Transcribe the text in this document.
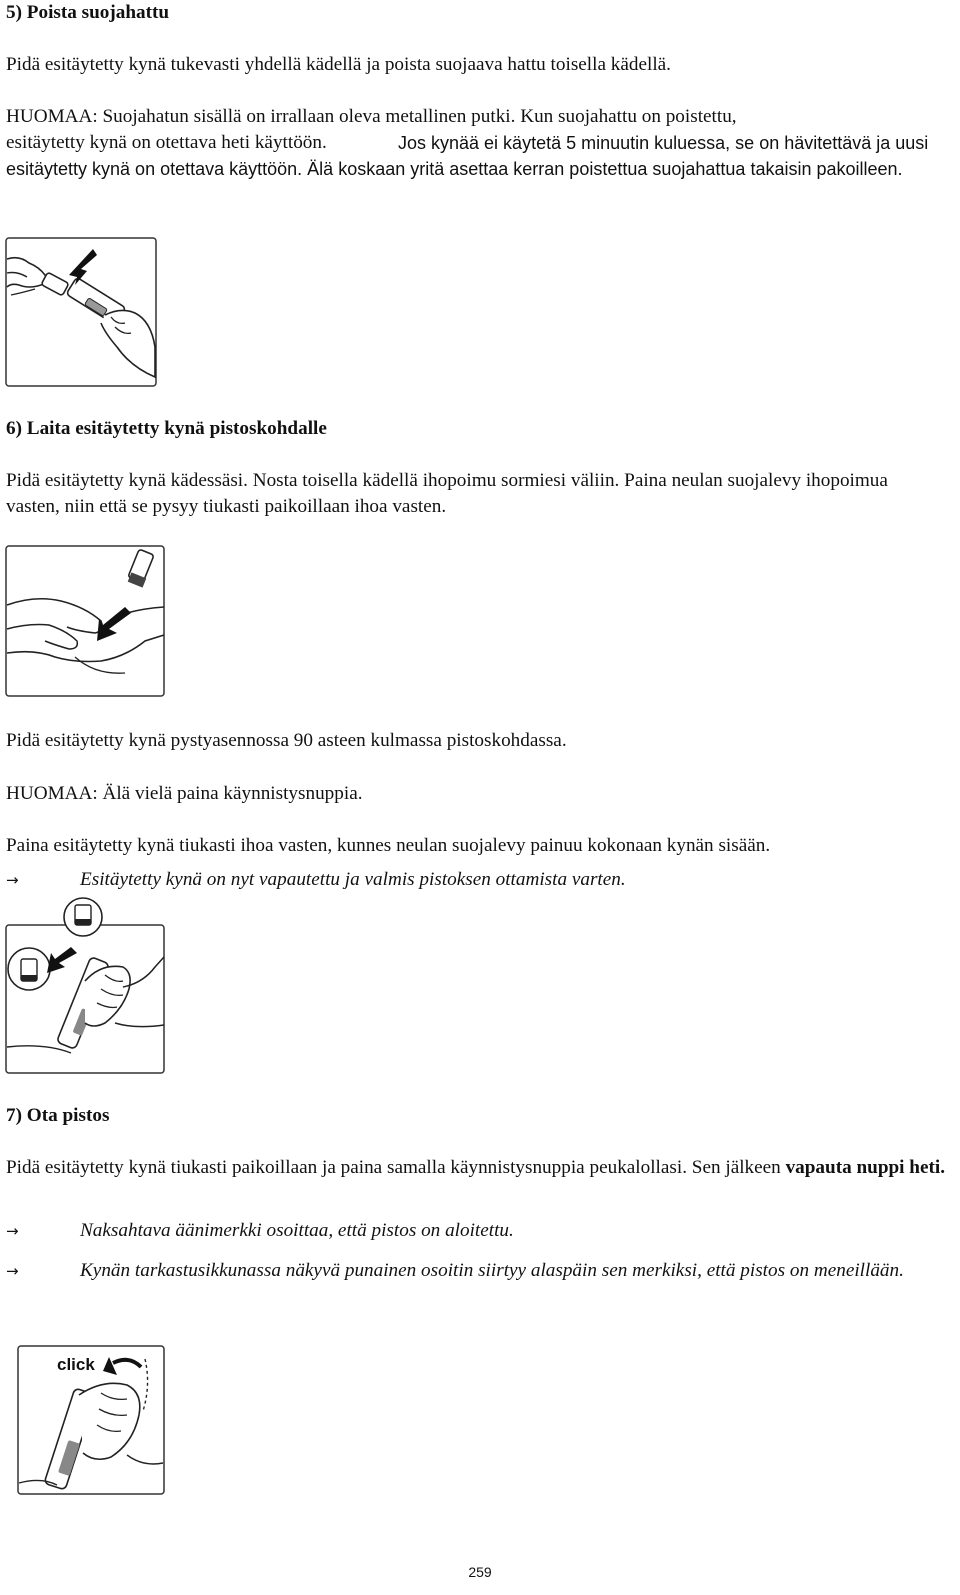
5) Poista suojahattu

Pidä esitäytetty kynä tukevasti yhdellä kädellä ja poista suojaava hattu toisella kädellä.

HUOMAA: Suojahatun sisällä on irrallaan oleva metallinen putki. Kun suojahattu on poistettu,

esitäytetty kynä on otettava heti käyttöön.	Jos kynää ei käytetä 5 minuutin kuluessa, se on hävitettävä ja uusi esitäytetty kynä on otettava käyttöön. Älä koskaan yritä asettaa kerran poistettua suojahattua takaisin pakoilleen.

6) Laita esitäytetty kynä pistoskohdalle

Pidä esitäytetty kynä kädessäsi. Nosta toisella kädellä ihopoimu sormiesi väliin. Paina neulan suojalevy ihopoimua vasten, niin että se pysyy tiukasti paikoillaan ihoa vasten.

Pidä esitäytetty kynä pystyasennossa 90 asteen kulmassa pistoskohdassa.

HUOMAA: Älä vielä paina käynnistysnuppia.

Paina esitäytetty kynä tiukasti ihoa vasten, kunnes neulan suojalevy painuu kokonaan kynän sisään.

→	Esitäytetty kynä on nyt vapautettu ja valmis pistoksen ottamista varten.

7) Ota pistos

Pidä esitäytetty kynä tiukasti paikoillaan ja paina samalla käynnistysnuppia peukalollasi. Sen jälkeen vapauta nuppi heti.

→	Naksahtava äänimerkki osoittaa, että pistos on aloitettu.
→	Kynän tarkastusikkunassa näkyvä punainen osoitin siirtyy alaspäin sen merkiksi, että pistos on meneillään.
click
259
